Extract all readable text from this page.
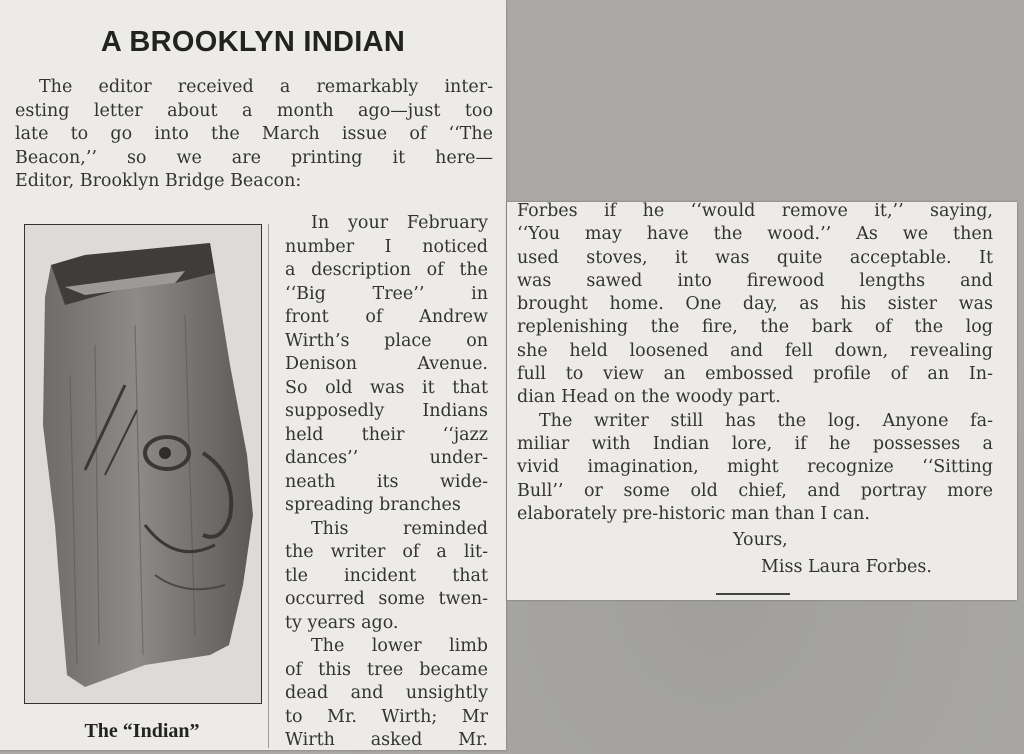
A BROOKLYN INDIAN
The editor received a remarkably inter-
esting letter about a month ago—just too
late to go into the March issue of ‘‘The
Beacon,’’ so we are printing it here—
Editor, Brooklyn Bridge Beacon:
The “Indian”
In your February
number I noticed
a description of the
‘‘Big Tree’’ in
front of Andrew
Wirth’s place on
Denison Avenue.
So old was it that
supposedly Indians
held their ‘‘jazz
dances’’ under-
neath its wide-
spreading branches
This reminded
the writer of a lit-
tle incident that
occurred some twen-
ty years ago.
The lower limb
of this tree became
dead and unsightly
to Mr. Wirth; Mr
Wirth asked Mr.
Forbes if he ‘‘would remove it,’’ saying,
‘‘You may have the wood.’’ As we then
used stoves, it was quite acceptable. It
was sawed into firewood lengths and
brought home. One day, as his sister was
replenishing the fire, the bark of the log
she held loosened and fell down, revealing
full to view an embossed profile of an In-
dian Head on the woody part.
The writer still has the log. Anyone fa-
miliar with Indian lore, if he possesses a
vivid imagination, might recognize ‘‘Sitting
Bull’’ or some old chief, and portray more
elaborately pre-historic man than I can.
Yours,
Miss Laura Forbes.
